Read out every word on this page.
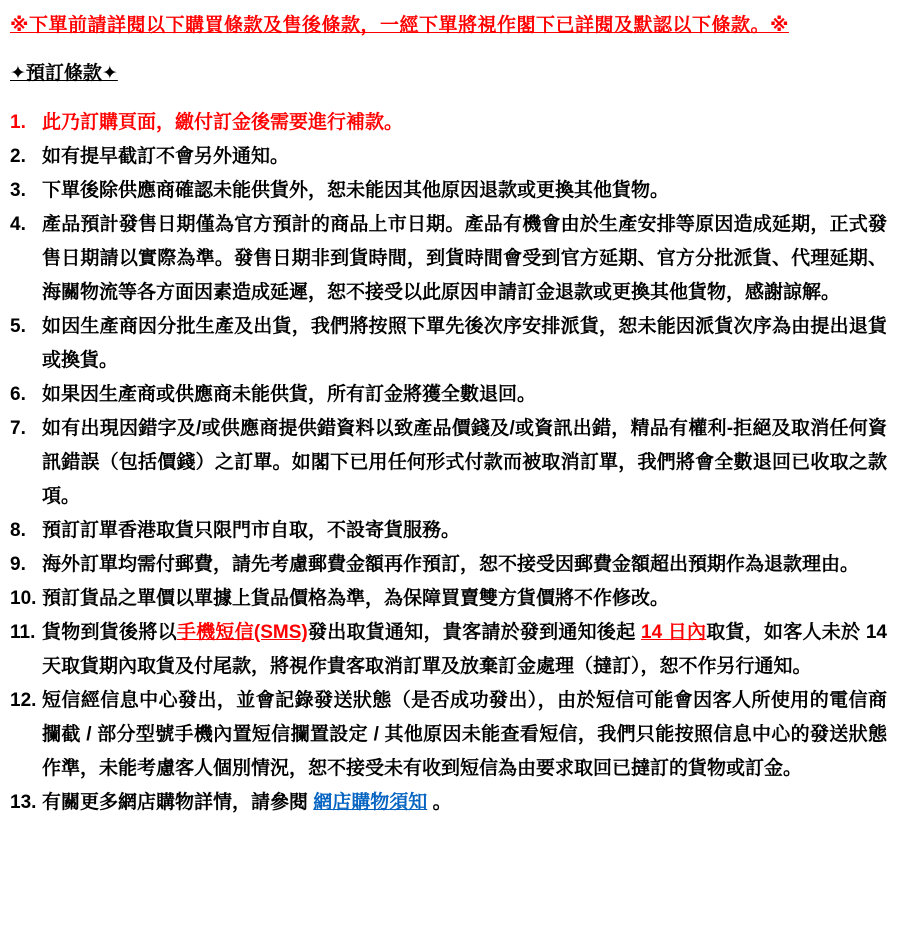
※下單前請詳閱以下購買條款及售後條款，一經下單將視作閣下已詳閱及默認以下條款。※
✦預訂條款✦
1. 此乃訂購頁面，繳付訂金後需要進行補款。
2. 如有提早截訂不會另外通知。
3. 下單後除供應商確認未能供貨外，恕未能因其他原因退款或更換其他貨物。
4. 產品預計發售日期僅為官方預計的商品上市日期。產品有機會由於生產安排等原因造成延期，正式發售日期請以實際為準。發售日期非到貨時間，到貨時間會受到官方延期、官方分批派貨、代理延期、海關物流等各方面因素造成延遲，恕不接受以此原因申請訂金退款或更換其他貨物，感謝諒解。
5. 如因生產商因分批生產及出貨，我們將按照下單先後次序安排派貨，恕未能因派貨次序為由提出退貨或換貨。
6. 如果因生產商或供應商未能供貨，所有訂金將獲全數退回。
7. 如有出現因錯字及/或供應商提供錯資料以致產品價錢及/或資訊出錯，精品有權利-拒絕及取消任何資訊錯誤（包括價錢）之訂單。如閣下已用任何形式付款而被取消訂單，我們將會全數退回已收取之款項。
8. 預訂訂單香港取貨只限門市自取，不設寄貨服務。
9. 海外訂單均需付郵費，請先考慮郵費金額再作預訂，恕不接受因郵費金額超出預期作為退款理由。
10. 預訂貨品之單價以單據上貨品價格為準，為保障買賣雙方貨價將不作修改。
11. 貨物到貨後將以手機短信(SMS)發出取貨通知，貴客請於發到通知後起 14 日內取貨，如客人未於 14 天取貨期內取貨及付尾款，將視作貴客取消訂單及放棄訂金處理（撻訂），恕不作另行通知。
12. 短信經信息中心發出，並會記錄發送狀態（是否成功發出），由於短信可能會因客人所使用的電信商攔截 / 部分型號手機內置短信攔置設定 / 其他原因未能查看短信，我們只能按照信息中心的發送狀態作準，未能考慮客人個別情況，恕不接受未有收到短信為由要求取回已撻訂的貨物或訂金。
13. 有關更多網店購物詳情，請參閱 網店購物須知 。
